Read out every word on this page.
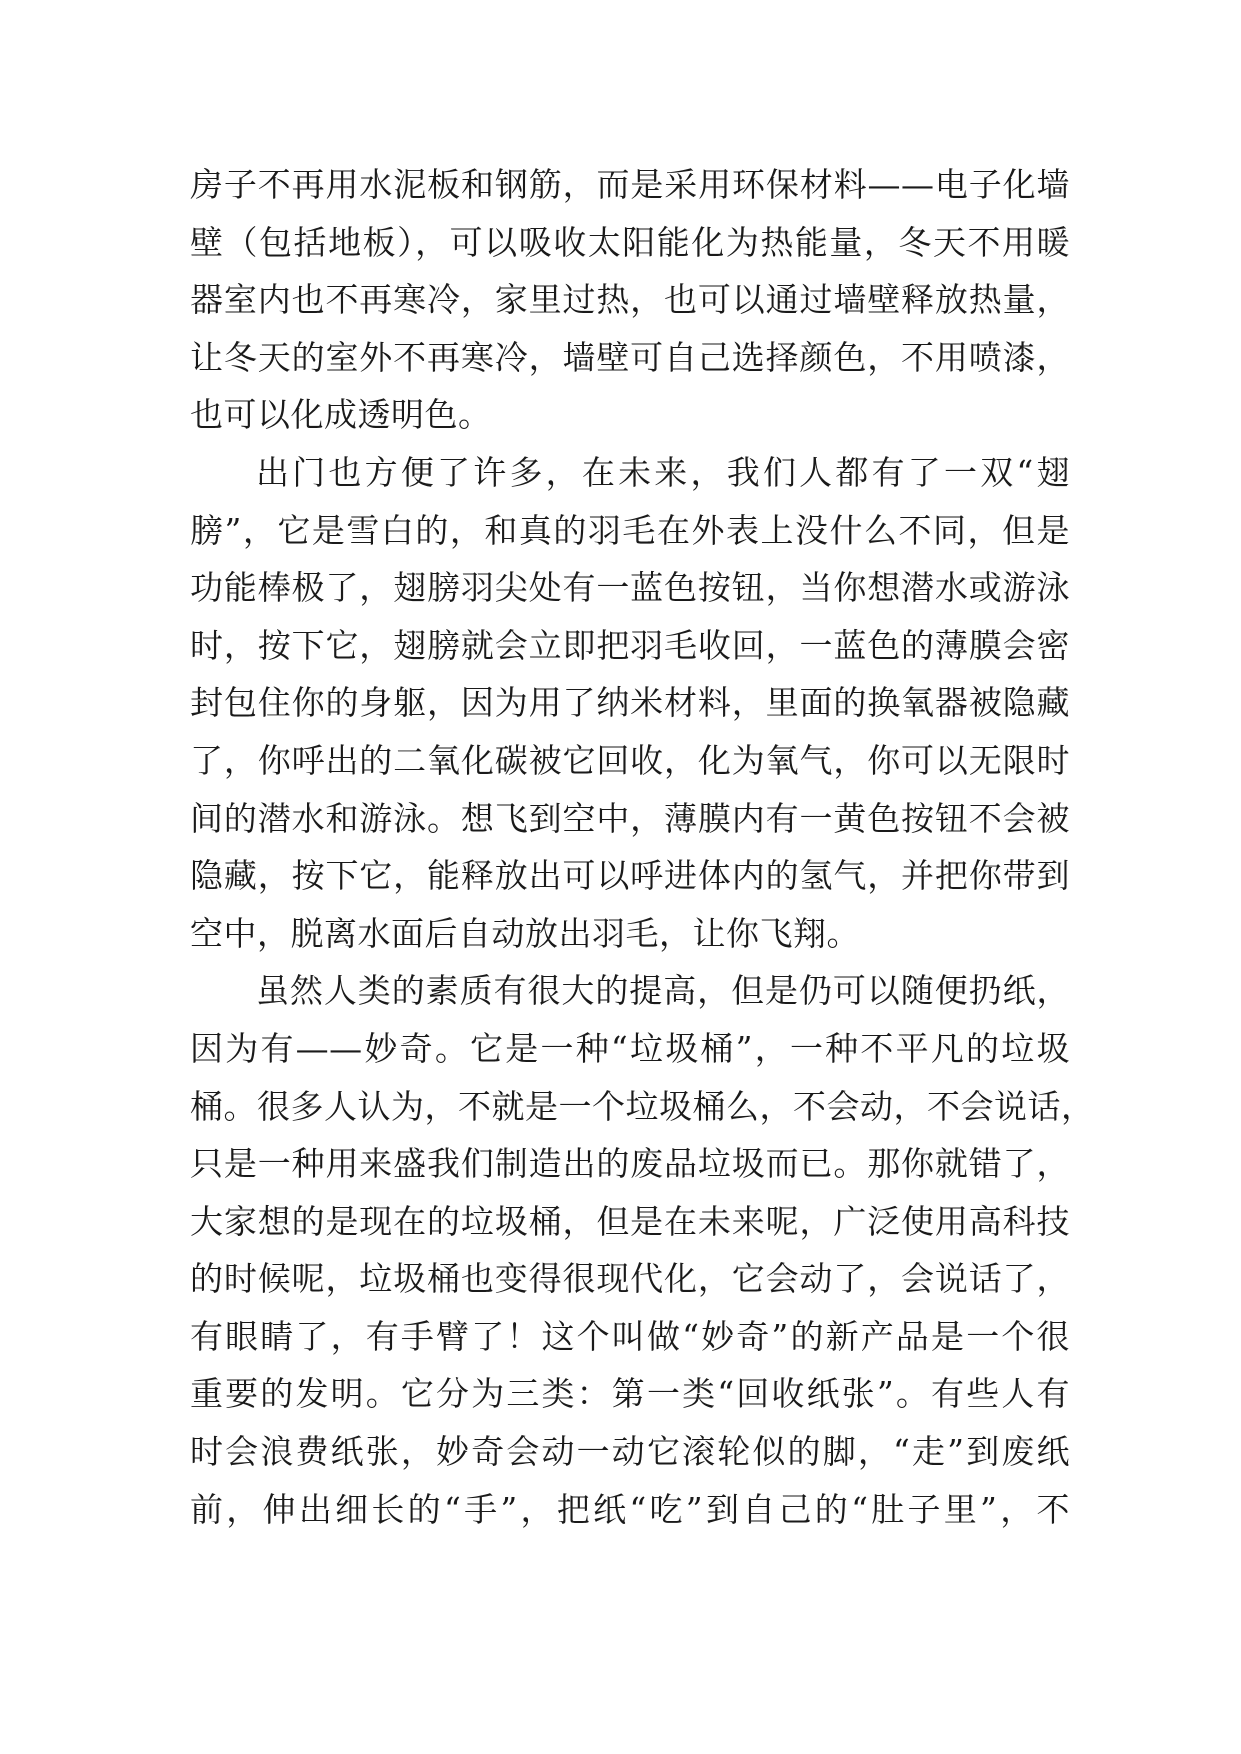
房子不再用水泥板和钢筋，而是采用环保材料——电子化墙
壁（包括地板），可以吸收太阳能化为热能量，冬天不用暖
器室内也不再寒冷，家里过热，也可以通过墙壁释放热量，
让冬天的室外不再寒冷，墙壁可自己选择颜色，不用喷漆，
也可以化成透明色。
出门也方便了许多，在未来，我们人都有了一双“翅
膀”，它是雪白的，和真的羽毛在外表上没什么不同，但是
功能棒极了，翅膀羽尖处有一蓝色按钮，当你想潜水或游泳
时，按下它，翅膀就会立即把羽毛收回，一蓝色的薄膜会密
封包住你的身躯，因为用了纳米材料，里面的换氧器被隐藏
了，你呼出的二氧化碳被它回收，化为氧气，你可以无限时
间的潜水和游泳。想飞到空中，薄膜内有一黄色按钮不会被
隐藏，按下它，能释放出可以呼进体内的氢气，并把你带到
空中，脱离水面后自动放出羽毛，让你飞翔。
虽然人类的素质有很大的提高，但是仍可以随便扔纸，
因为有——妙奇。它是一种“垃圾桶”，一种不平凡的垃圾
桶。很多人认为，不就是一个垃圾桶么，不会动，不会说话，
只是一种用来盛我们制造出的废品垃圾而已。那你就错了，
大家想的是现在的垃圾桶，但是在未来呢，广泛使用高科技
的时候呢，垃圾桶也变得很现代化，它会动了，会说话了，
有眼睛了，有手臂了！这个叫做“妙奇”的新产品是一个很
重要的发明。它分为三类：第一类“回收纸张”。有些人有
时会浪费纸张，妙奇会动一动它滚轮似的脚，“走”到废纸
前，伸出细长的“手”，把纸“吃”到自己的“肚子里”，不
